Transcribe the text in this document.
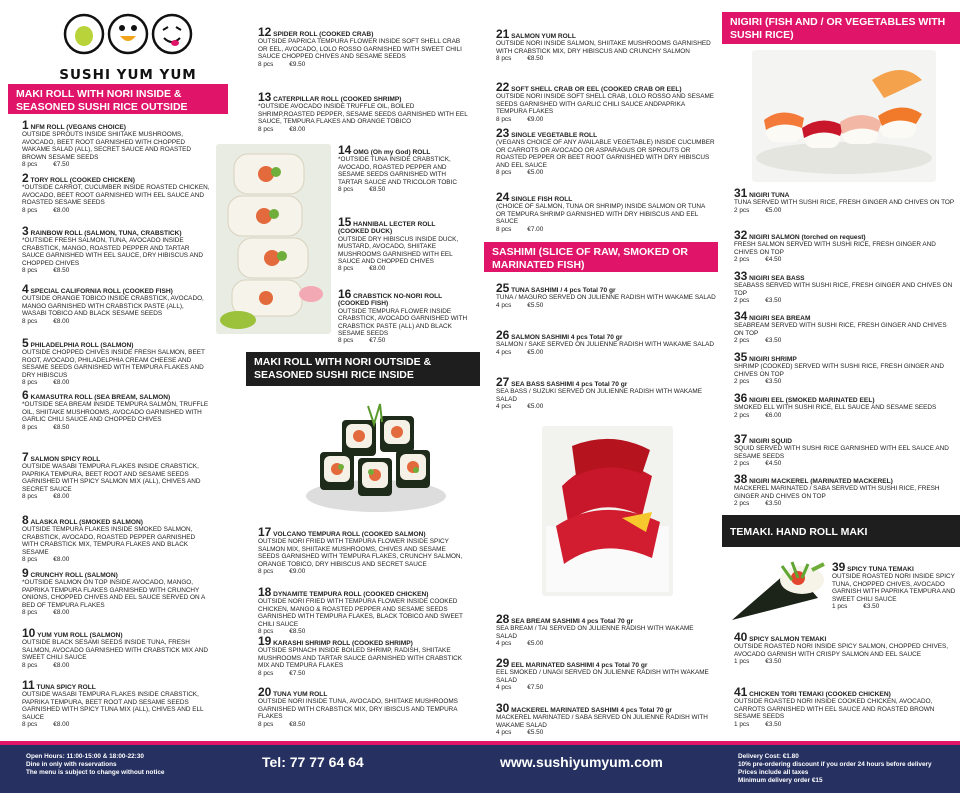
SUSHI YUM YUM
MAKI ROLL WITH NORI INSIDE & SEASONED SUSHI RICE OUTSIDE
MAKI ROLL WITH NORI OUTSIDE & SEASONED SUSHI RICE INSIDE
SASHIMI (SLICE OF RAW, SMOKED OR MARINATED FISH)
NIGIRI (FISH AND / OR VEGETABLES WITH SUSHI RICE)
TEMAKI. HAND ROLL MAKI
1 NFM ROLL (VEGANS CHOICE)
OUTSIDE SPROUTS INSIDE SHIITAKE MUSHROOMS, AVOCADO, BEET ROOT GARNISHED WITH CHOPPED WAKAME SALAD (ALL), SECRET SAUCE AND ROASTED BROWN SESAME SEEDS
8 pcs	€7.50
2 TORY ROLL (COOKED CHICKEN)
*OUTSIDE CARROT, CUCUMBER INSIDE ROASTED CHICKEN, AVOCADO, BEET ROOT GARNISHED WITH EEL SAUCE AND ROASTED SESAME SEEDS
8 pcs	€8.00
3 RAINBOW ROLL (SALMON, TUNA, CRABSTICK)
*OUTSIDE FRESH SALMON, TUNA, AVOCADO INSIDE CRABSTICK, MANGO, ROASTED PEPPER AND TARTAR SAUCE GARNISHED WITH EEL SAUCE, DRY HIBISCUS AND CHOPPED CHIVES
8 pcs	€8.50
4 SPECIAL CALIFORNIA ROLL (COOKED FISH)
OUTSIDE ORANGE TOBICO INSIDE CRABSTICK, AVOCADO, MANGO GARNISHED WITH CRABSTICK PASTE (ALL), WASABI TOBICO AND BLACK SESAME SEEDS
8 pcs	€8.00
5 PHILADELPHIA ROLL (SALMON)
OUTSIDE CHOPPED CHIVES INSIDE FRESH SALMON, BEET ROOT, AVOCADO, PHILADELPHIA CREAM CHEESE AND SESAME SEEDS GARNISHED WITH TEMPURA FLAKES AND DRY HIBISCUS
8 pcs	€8.00
6 KAMASUTRA ROLL (SEA BREAM, SALMON)
*OUTSIDE SEA BREAM INSIDE TEMPURA SALMON, TRUFFLE OIL, SHIITAKE MUSHROOMS, AVOCADO GARNISHED WITH GARLIC CHILI SAUCE AND CHOPPED CHIVES
8 pcs	€8.50
7 SALMON SPICY ROLL
OUTSIDE WASABI TEMPURA FLAKES INSIDE CRABSTICK, PAPRIKA TEMPURA, BEET ROOT AND SESAME SEEDS GARNISHED WITH SPICY SALMON MIX (ALL), CHIVES AND SECRET SAUCE
8 pcs	€8.00
8 ALASKA ROLL (SMOKED SALMON)
OUTSIDE TEMPURA FLAKES INSIDE SMOKED SALMON, CRABSTICK, AVOCADO, ROASTED PEPPER GARNISHED WITH CRABSTICK MIX, TEMPURA FLAKES AND BLACK SESAME
8 pcs	€8.00
9 CRUNCHY ROLL (SALMON)
*OUTSIDE SALMON ON TOP INSIDE AVOCADO, MANGO, PAPRIKA TEMPURA FLAKES GARNISHED WITH CRUNCHY ONIONS, CHOPPED CHIVES AND EEL SAUCE SERVED ON A BED OF TEMPURA FLAKES
8 pcs	€8.00
10 YUM YUM ROLL (SALMON)
OUTSIDE BLACK SESAMI SEEDS INSIDE TUNA, FRESH SALMON, AVOCADO GARNISHED WITH CRABSTICK MIX AND SWEET CHILI SAUCE
8 pcs	€8.00
11 TUNA SPICY ROLL
OUTSIDE WASABI TEMPURA FLAKES INSIDE CRABSTICK, PAPRIKA TEMPURA, BEET ROOT AND SESAME SEEDS GARNISHED WITH SPICY TUNA MIX (ALL), CHIVES AND ELL SAUCE
8 pcs	€8.00
12 SPIDER ROLL (COOKED CRAB)
OUTSIDE PAPRICA TEMPURA FLOWER INSIDE SOFT SHELL CRAB OR EEL, AVOCADO, LOLO ROSSO GARNISHED WITH SWEET CHILI SAUCE CHOPPED CHIVES AND SESAME SEEDS
8 pcs	€9.50
13 CATERPILLAR ROLL (COOKED SHRIMP)
*OUTSIDE AVOCADO INSIDE TRUFFLE OIL, BOILED SHRIMP,ROASTED PEPPER, SESAME SEEDS GARNISHED WITH EEL SAUCE, TEMPURA FLAKES AND ORANGE TOBICO
8 pcs	€8.00
14 OMG (Oh my God) ROLL
*OUTSIDE TUNA INSIDE CRABSTICK, AVOCADO, ROASTED PEPPER AND SESAME SEEDS GARNISHED WITH TARTAR SAUCE AND TRICOLOR TOBIC
8 pcs	€8.50
15 HANNIBAL LECTER ROLL (COOKED DUCK)
OUTSIDE DRY HIBISCUS INSIDE DUCK, MUSTARD, AVOCADO, SHIITAKE MUSHROOMS GARNISHED WITH EEL SAUCE AND CHOPPED CHIVES
8 pcs	€8.00
16 CRABSTICK NO-NORI ROLL (COOKED FISH)
OUTSIDE TEMPURA FLOWER INSIDE CRABSTICK, AVOCADO GARNISHED WITH CRABSTICK PASTE (ALL) AND BLACK SESAME SEEDS
8 pcs	€7.50
17 VOLCANO TEMPURA ROLL (COOKED SALMON)
OUTSIDE NORI FRIED WITH TEMPURA FLOWER INSIDE SPICY SALMON MIX, SHIITAKE MUSHROOMS, CHIVES AND SESAME SEEDS GARNISHED WITH TEMPURA FLAKES, CRUNCHY SALMON, ORANGE TOBICO, DRY HIBISCUS AND SECRET SAUCE
8 pcs	€9.00
18 DYNAMITE TEMPURA ROLL (COOKED CHICKEN)
OUTSIDE NORI FRIED WITH TEMPURA FLOWER INSIDE COOKED CHICKEN, MANGO & ROASTED PEPPER AND SESAME SEEDS GARNISHED WITH TEMPURA FLAKES, BLACK TOBICO AND SWEET CHILI SAUCE
8 pcs	€8.50
19 KARASHI SHRIMP ROLL (COOKED SHRIMP)
OUTSIDE SPINACH INSIDE BOILED SHRIMP, RADISH, SHIITAKE MUSHROOMS AND TARTAR SAUCE GARNISHED WITH CRABSTICK MIX AND TEMPURA FLAKES
8 pcs	€7.50
20 TUNA YUM ROLL
OUTSIDE NORI INSIDE TUNA, AVOCADO, SHIITAKE MUSHROOMS GARNISHED WITH CRABSTICK MIX, DRY IBISCUS AND TEMPURA FLAKES
8 pcs	€8.50
21 SALMON YUM ROLL
OUTSIDE NORI INSIDE SALMON, SHIITAKE MUSHROOMS GARNISHED WITH CRABSTICK MIX, DRY HIBISCUS AND CRUNCHY SALMON
8 pcs	€8.50
22 SOFT SHELL CRAB OR EEL (COOKED CRAB OR EEL)
OUTSIDE NORI INSIDE SOFT SHELL CRAB, LOLO ROSSO AND SESAME SEEDS GARNISHED WITH GARLIC CHILI SAUCE ANDPAPRIKA TEMPURA FLAKES
8 pcs	€9.00
23 SINGLE VEGETABLE ROLL
(VEGANS CHOICE OF ANY AVAILABLE VEGETABLE) INSIDE CUCUMBER OR CARROTS OR AVOCADO OR ASPARAGUS OR SPROUTS OR ROASTED PEPPER OR BEET ROOT GARNISHED WITH DRY HIBISCUS AND EEL SAUCE
8 pcs	€5.00
24 SINGLE FISH ROLL
(CHOICE OF SALMON, TUNA OR SHRIMP) INSIDE SALMON OR TUNA OR TEMPURA SHRIMP GARNISHED WITH DRY HIBISCUS AND EEL SAUCE
8 pcs	€7.00
25 TUNA SASHIMI / 4 pcs Total 70 gr
TUNA / MAGURO SERVED ON JULIENNE RADISH WITH WAKAME SALAD
4 pcs	€5.50
26 SALMON SASHIMI 4 pcs Total 70 gr
SALMON / SAKE SERVED ON JULIENNE RADISH WITH WAKAME SALAD
4 pcs	€5.00
27 SEA BASS SASHIMI 4 pcs Total 70 gr
SEA BASS / SUZUKI SERVED ON JULIENNE RADISH WITH WAKAME SALAD
4 pcs	€5.00
28 SEA BREAM SASHIMI 4 pcs Total 70 gr
SEA BREAM / TAI SERVED ON JULIENNE RADISH WITH WAKAME SALAD
4 pcs	€5.00
29 EEL MARINATED SASHIMI 4 pcs Total 70 gr
EEL SMOKED / UNAGI SERVED ON JULIENNE RADISH WITH WAKAME SALAD
4 pcs	€7.50
30 MACKEREL MARINATED SASHIMI 4 pcs Total 70 gr
MACKEREL MARINATED / SABA SERVED ON JULIENNE RADISH WITH WAKAME SALAD
4 pcs	€5.50
31 NIGIRI TUNA
TUNA SERVED WITH SUSHI RICE, FRESH GINGER AND CHIVES ON TOP
2 pcs	€5.00
32 NIGIRI SALMON (torched on request)
FRESH SALMON SERVED WITH SUSHI RICE, FRESH GINGER AND CHIVES ON TOP
2 pcs	€4.50
33 NIGIRI SEA BASS
SEABASS SERVED WITH SUSHI RICE, FRESH GINGER AND CHIVES ON TOP
2 pcs	€3.50
34 NIGIRI SEA BREAM
SEABREAM SERVED WITH SUSHI RICE, FRESH GINGER AND CHIVES ON TOP
2 pcs	€3.50
35 NIGIRI SHRIMP
SHRIMP (COOKED) SERVED WITH SUSHI RICE, FRESH GINGER AND CHIVES ON TOP
2 pcs	€3.50
36 NIGIRI EEL (SMOKED MARINATED EEL)
SMOKED ELL WITH SUSHI RICE, ELL SAUCE AND SESAME SEEDS
2 pcs	€6.00
37 NIGIRI SQUID
SQUID SERVED WITH SUSHI RICE GARNISHED WITH EEL SAUCE AND SESAME SEEDS
2 pcs	€4.50
38 NIGIRI MACKEREL (MARINATED MACKEREL)
MACKEREL MARINATED / SABA SERVED WITH SUSHI RICE, FRESH GINGER AND CHIVES ON TOP
2 pcs	€3.50
39 SPICY TUNA TEMAKI
OUTSIDE ROASTED NORI INSIDE SPICY TUNA, CHOPPED CHIVES, AVOCADO GARNISH WITH PAPRIKA TEMPURA AND SWEET CHILI SAUCE
1 pcs	€3.50
40 SPICY SALMON TEMAKI
OUTSIDE ROASTED NORI INSIDE SPICY SALMON, CHOPPED CHIVES, AVOCADO GARNISH WITH CRISPY SALMON AND EEL SAUCE
1 pcs	€3.50
41 CHICKEN TORI TEMAKI (COOKED CHICKEN)
OUTSIDE ROASTED NORI INSIDE COOKED CHICKEN, AVOCADO, CARROTS GARNISHED WITH EEL SAUCE AND ROASTED BROWN SESAME SEEDS
1 pcs	€3.50
Open Hours: 11:00-15:00 & 18:00-22:30
Dine in only with reservations
The menu is subject to change without notice
Tel: 77 77 64 64	www.sushiyumyum.com	Delivery Cost: €1.80
10% pre-ordering discount if you order 24 hours before delivery
Prices include all taxes
Minimum delivery order €15
